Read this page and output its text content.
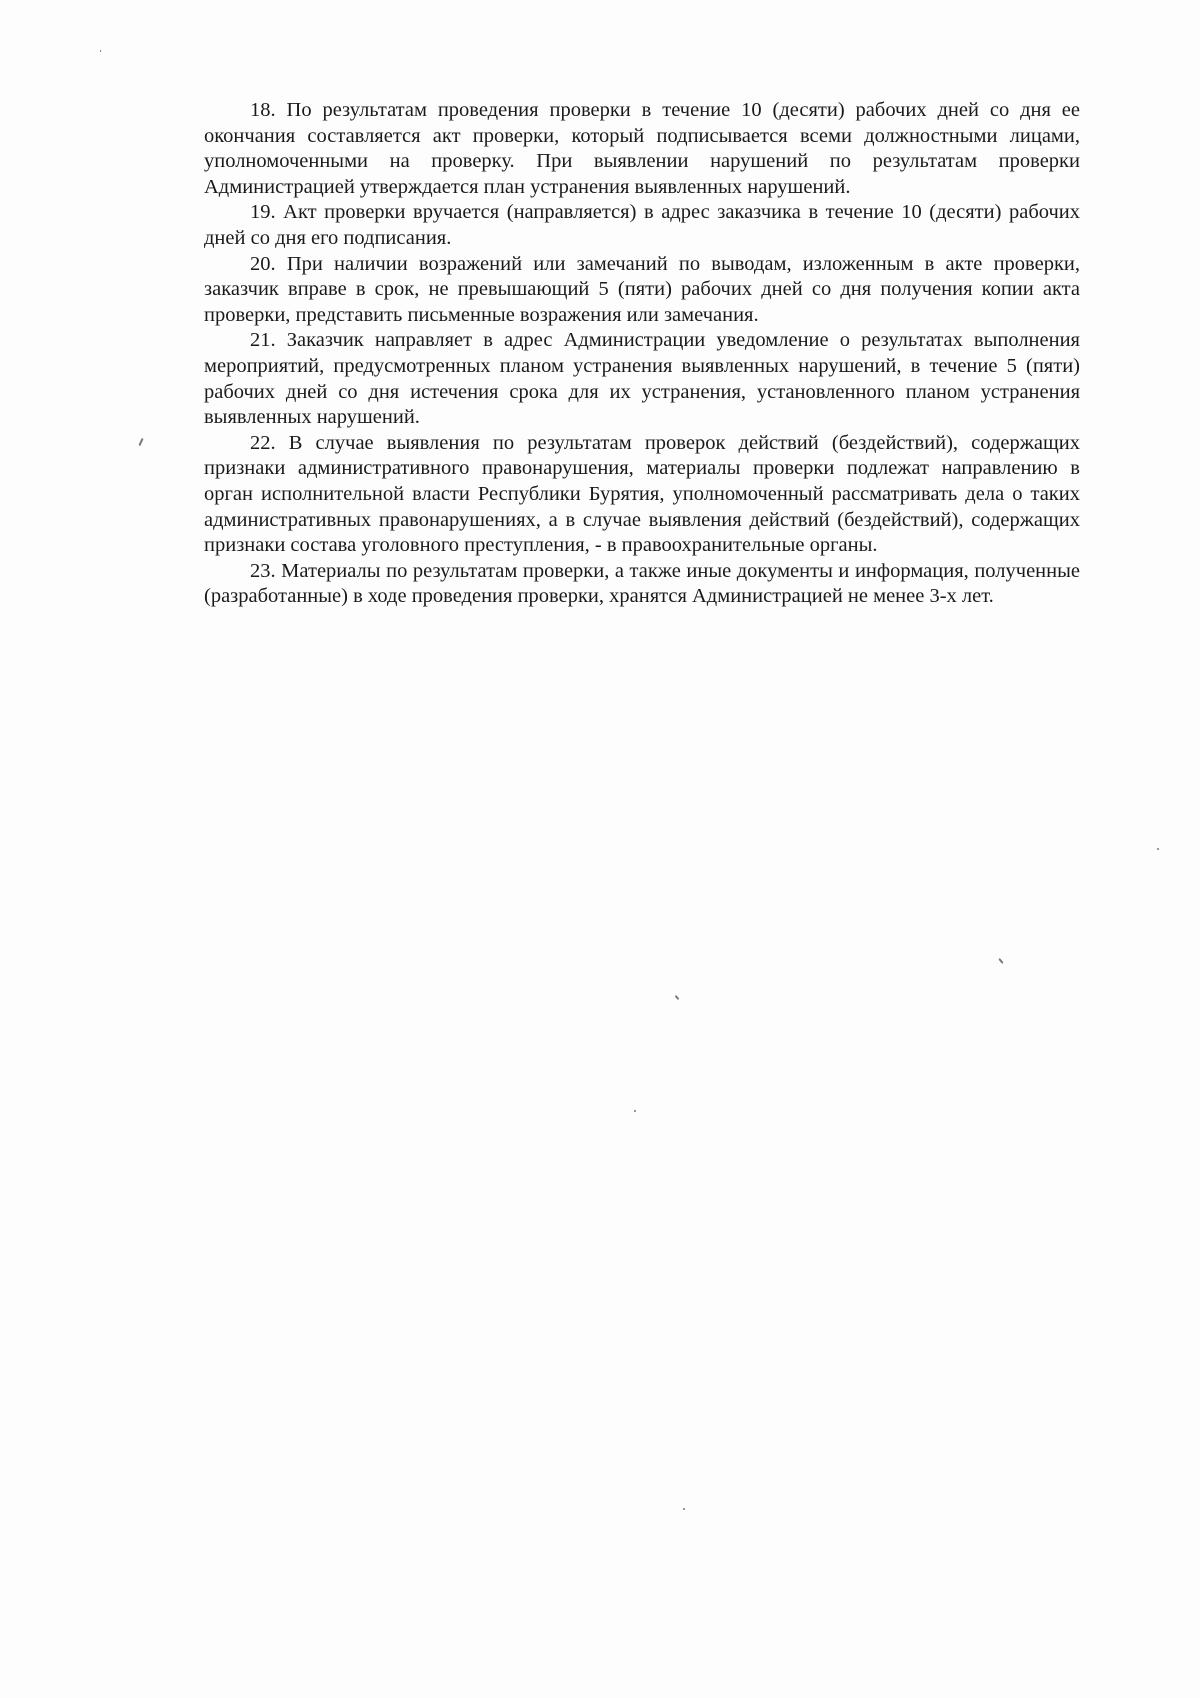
18. По результатам проведения проверки в течение 10 (десяти) рабочих дней со дня ее окончания составляется акт проверки, который подписывается всеми должностными лицами, уполномоченными на проверку. При выявлении нарушений по результатам проверки Администрацией утверждается план устранения выявленных нарушений.

19. Акт проверки вручается (направляется) в адрес заказчика в течение 10 (десяти) рабочих дней со дня его подписания.

20. При наличии возражений или замечаний по выводам, изложенным в акте проверки, заказчик вправе в срок, не превышающий 5 (пяти) рабочих дней со дня получения копии акта проверки, представить письменные возражения или замечания.

21. Заказчик направляет в адрес Администрации уведомление о результатах выполнения мероприятий, предусмотренных планом устранения выявленных нарушений, в течение 5 (пяти) рабочих дней со дня истечения срока для их устранения, установленного планом устранения выявленных нарушений.

22. В случае выявления по результатам проверок действий (бездействий), содержащих признаки административного правонарушения, материалы проверки подлежат направлению в орган исполнительной власти Республики Бурятия, уполномоченный рассматривать дела о таких административных правонарушениях, а в случае выявления действий (бездействий), содержащих признаки состава уголовного преступления, - в правоохранительные органы.

23. Материалы по результатам проверки, а также иные документы и информация, полученные (разработанные) в ходе проведения проверки, хранятся Администрацией не менее 3-х лет.
